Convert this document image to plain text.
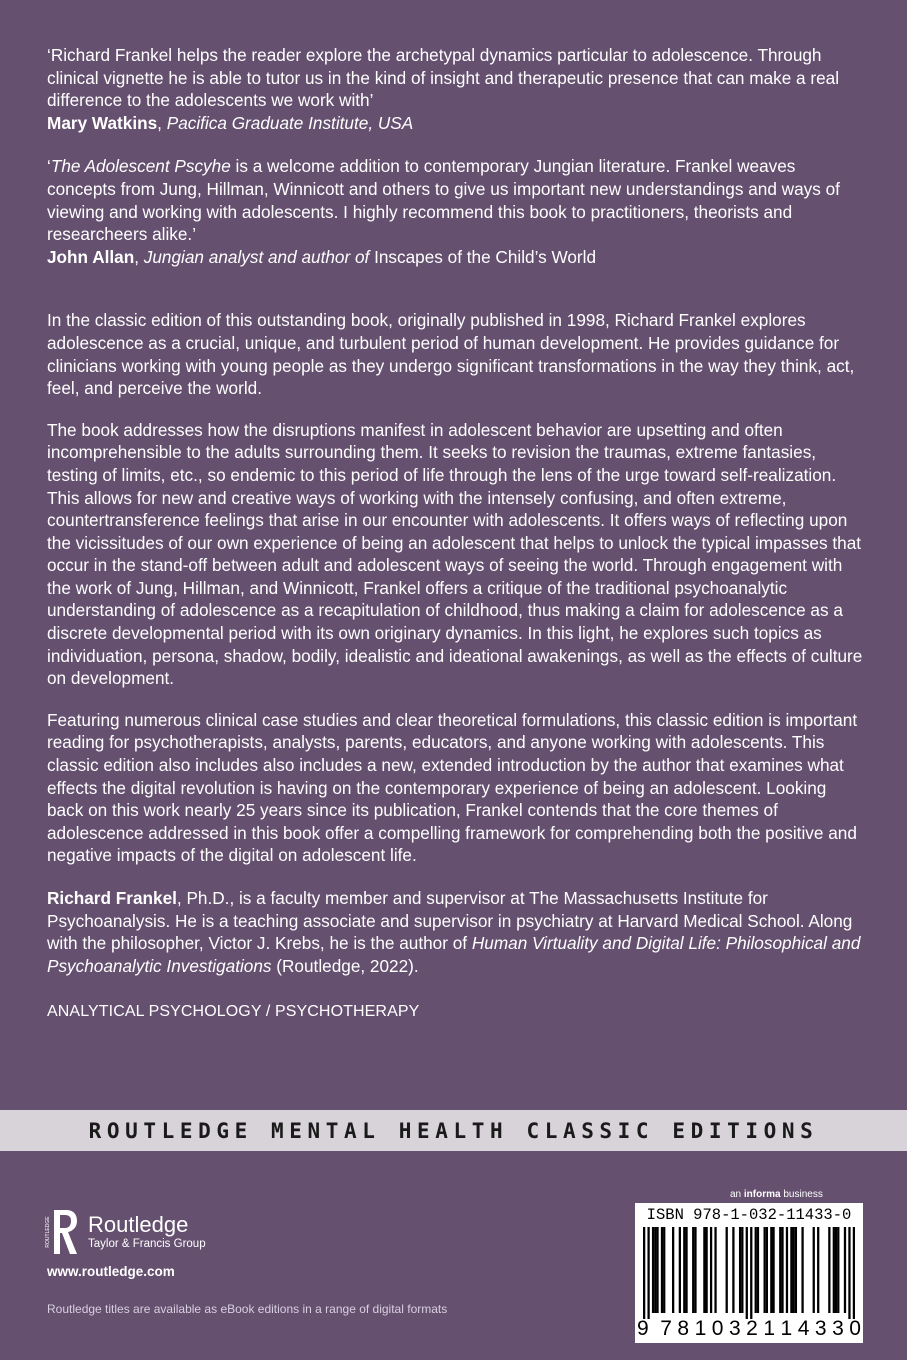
‘Richard Frankel helps the reader explore the archetypal dynamics particular to adolescence. Through clinical vignette he is able to tutor us in the kind of insight and therapeutic presence that can make a real difference to the adolescents we work with’

Mary Watkins, Pacifica Graduate Institute, USA

‘The Adolescent Pscyhe is a welcome addition to contemporary Jungian literature. Frankel weaves concepts from Jung, Hillman, Winnicott and others to give us important new understandings and ways of viewing and working with adolescents. I highly recommend this book to practitioners, theorists and researcheers alike.’

John Allan, Jungian analyst and author of Inscapes of the Child’s World

In the classic edition of this outstanding book, originally published in 1998, Richard Frankel explores adolescence as a crucial, unique, and turbulent period of human development. He provides guidance for clinicians working with young people as they undergo significant transformations in the way they think, act, feel, and perceive the world.

The book addresses how the disruptions manifest in adolescent behavior are upsetting and often incomprehensible to the adults surrounding them. It seeks to revision the traumas, extreme fantasies, testing of limits, etc., so endemic to this period of life through the lens of the urge toward self-realization. This allows for new and creative ways of working with the intensely confusing, and often extreme, countertransference feelings that arise in our encounter with adolescents. It offers ways of reflecting upon the vicissitudes of our own experience of being an adolescent that helps to unlock the typical impasses that occur in the stand-off between adult and adolescent ways of seeing the world. Through engagement with the work of Jung, Hillman, and Winnicott, Frankel offers a critique of the traditional psychoanalytic understanding of adolescence as a recapitulation of childhood, thus making a claim for adolescence as a discrete developmental period with its own originary dynamics. In this light, he explores such topics as individuation, persona, shadow, bodily, idealistic and ideational awakenings, as well as the effects of culture on development.

Featuring numerous clinical case studies and clear theoretical formulations, this classic edition is important reading for psychotherapists, analysts, parents, educators, and anyone working with adolescents. This classic edition also includes also includes a new, extended introduction by the author that examines what effects the digital revolution is having on the contemporary experience of being an adolescent. Looking back on this work nearly 25 years since its publication, Frankel contends that the core themes of adolescence addressed in this book offer a compelling framework for comprehending both the positive and negative impacts of the digital on adolescent life.

Richard Frankel, Ph.D., is a faculty member and supervisor at The Massachusetts Institute for Psychoanalysis. He is a teaching associate and supervisor in psychiatry at Harvard Medical School. Along with the philosopher, Victor J. Krebs, he is the author of Human Virtuality and Digital Life: Philosophical and Psychoanalytic Investigations (Routledge, 2022).

ANALYTICAL PSYCHOLOGY / PSYCHOTHERAPY
ROUTLEDGE MENTAL HEALTH CLASSIC EDITIONS
ROUTLEDGE Routledge
Taylor & Francis Group
www.routledge.com
Routledge titles are available as eBook editions in a range of digital formats
an informa business
ISBN 978-1-032-11433-0
9 7 8 1 0 3 2 1 1 4 3 3 0
